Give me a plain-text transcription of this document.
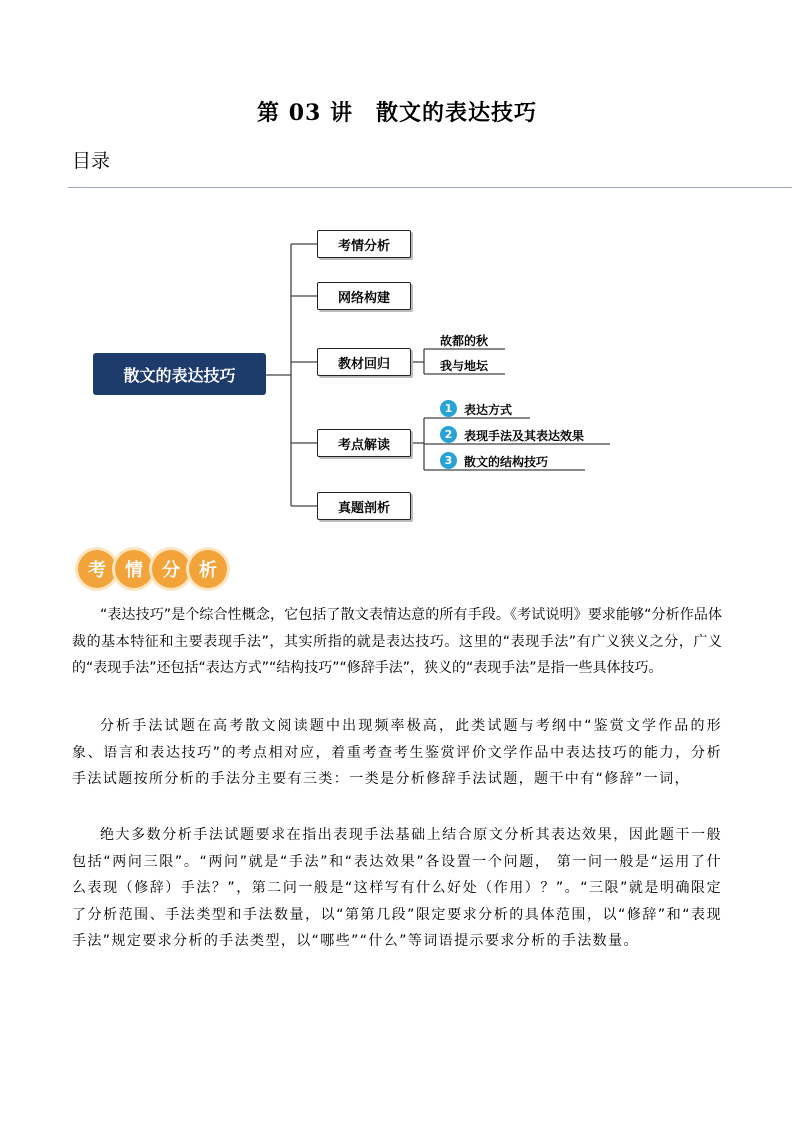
第 03 讲　散文的表达技巧
目录
散文的表达技巧
考情分析
网络构建
教材回归
考点解读
真题剖析
故都的秋
我与地坛
1 表达方式
2 表现手法及其表达效果
3 散文的结构技巧
考	情	分	析

“表达技巧”是个综合性概念，它包括了散文表情达意的所有手段。《考试说明》要求能够“分析作品体裁的基本特征和主要表现手法”，其实所指的就是表达技巧。这里的“表现手法”有广义狭义之分，广义的“表现手法”还包括“表达方式”“结构技巧”“修辞手法”，狭义的“表现手法”是指一些具体技巧。

分析手法试题在高考散文阅读题中出现频率极高，此类试题与考纲中“鉴赏文学作品的形象、语言和表达技巧”的考点相对应，着重考查考生鉴赏评价文学作品中表达技巧的能力，分析手法试题按所分析的手法分主要有三类：一类是分析修辞手法试题，题干中有“修辞”一词，

绝大多数分析手法试题要求在指出表现手法基础上结合原文分析其表达效果，因此题干一般包括“两问三限”。“两问”就是“手法”和“表达效果”各设置一个问题， 第一问一般是“运用了什么表现（修辞）手法？”，第二问一般是“这样写有什么好处（作用）？”。“三限”就是明确限定了分析范围、手法类型和手法数量，以“第第几段”限定要求分析的具体范围，以“修辞”和“表现手法”规定要求分析的手法类型，以“哪些”“什么”等词语提示要求分析的手法数量。
